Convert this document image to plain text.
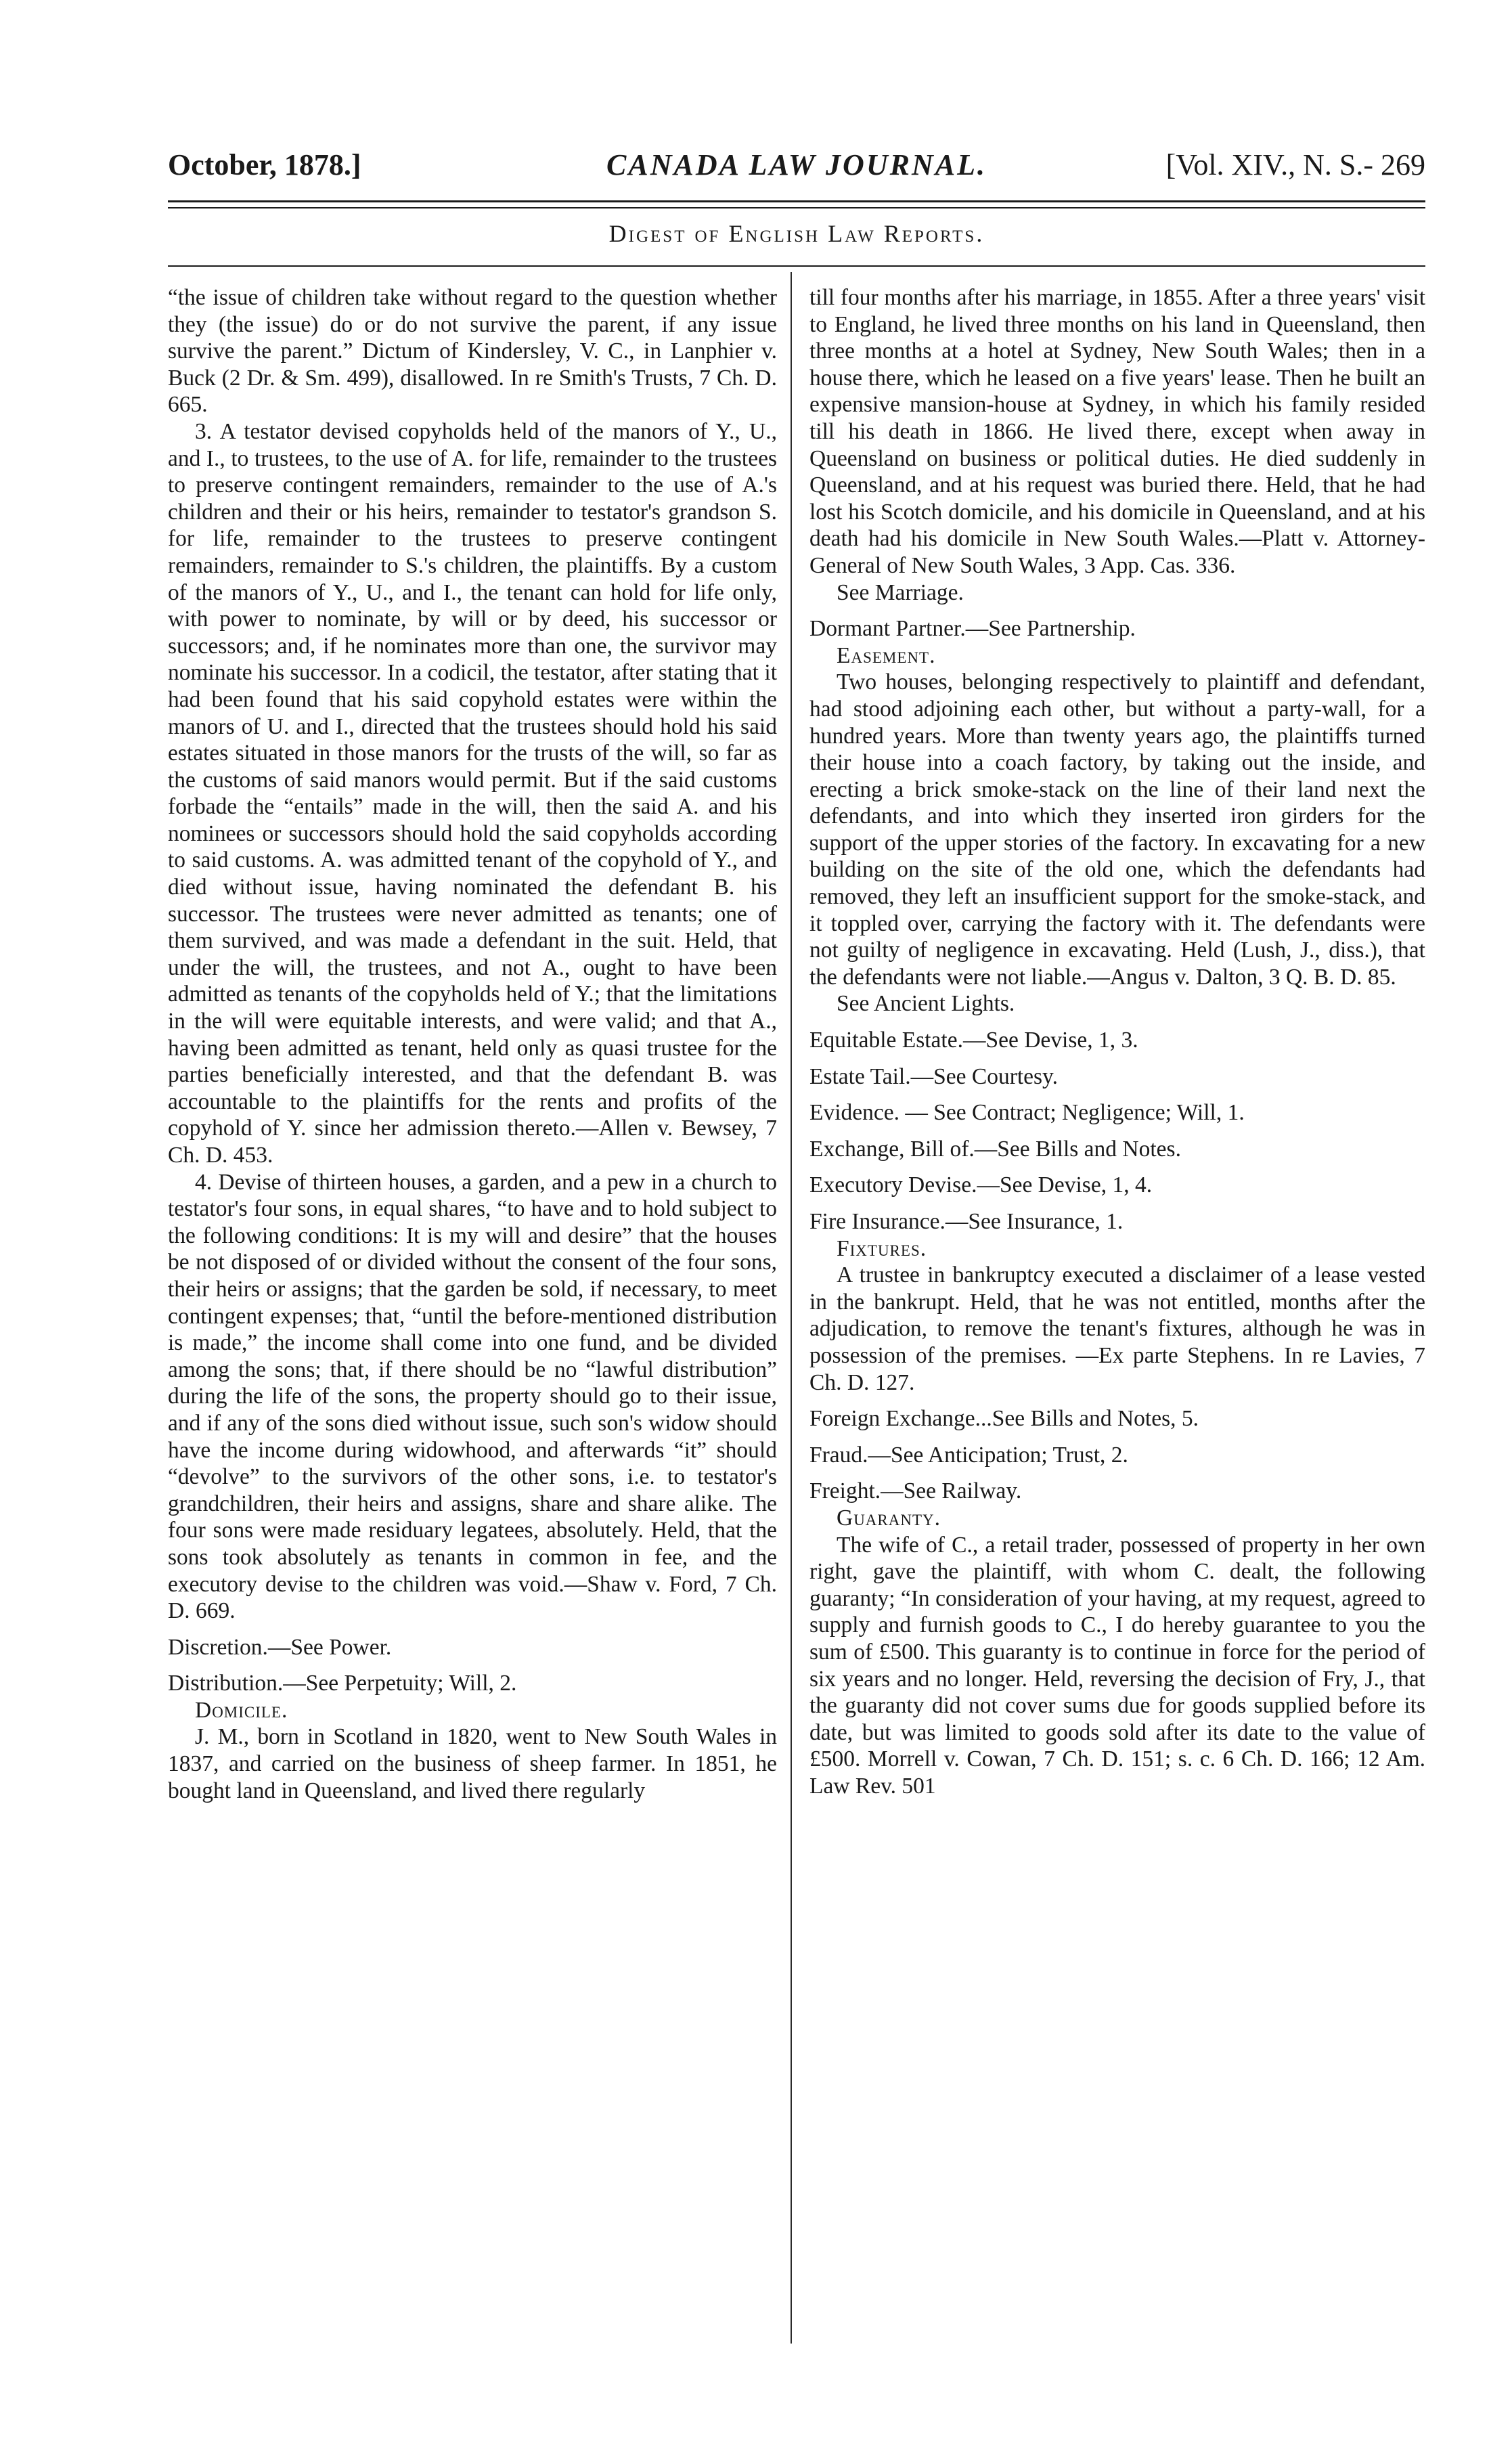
October, 1878.]	CANADA LAW JOURNAL.	[Vol. XIV., N. S.- 269
Digest of English Law Reports.

“the issue of children take without regard to the question whether they (the issue) do or do not survive the parent, if any issue survive the parent.” Dictum of Kindersley, V. C., in Lanphier v. Buck (2 Dr. & Sm. 499), disallowed. In re Smith's Trusts, 7 Ch. D. 665.

3. A testator devised copyholds held of the manors of Y., U., and I., to trustees, to the use of A. for life, remainder to the trustees to preserve contingent remainders, remainder to the use of A.'s children and their or his heirs, remainder to testator's grandson S. for life, remainder to the trustees to preserve contingent remainders, remainder to S.'s children, the plaintiffs. By a custom of the manors of Y., U., and I., the tenant can hold for life only, with power to nominate, by will or by deed, his successor or successors; and, if he nominates more than one, the survivor may nominate his successor. In a codicil, the testator, after stating that it had been found that his said copyhold estates were within the manors of U. and I., directed that the trustees should hold his said estates situated in those manors for the trusts of the will, so far as the customs of said manors would permit. But if the said customs forbade the “entails” made in the will, then the said A. and his nominees or successors should hold the said copyholds according to said customs. A. was admitted tenant of the copyhold of Y., and died without issue, having nominated the defendant B. his successor. The trustees were never admitted as tenants; one of them survived, and was made a defendant in the suit. Held, that under the will, the trustees, and not A., ought to have been admitted as tenants of the copyholds held of Y.; that the limitations in the will were equitable interests, and were valid; and that A., having been admitted as tenant, held only as quasi trustee for the parties beneficially interested, and that the defendant B. was accountable to the plaintiffs for the rents and profits of the copyhold of Y. since her admission thereto.—Allen v. Bewsey, 7 Ch. D. 453.

4. Devise of thirteen houses, a garden, and a pew in a church to testator's four sons, in equal shares, “to have and to hold subject to the following conditions: It is my will and desire” that the houses be not disposed of or divided without the consent of the four sons, their heirs or assigns; that the garden be sold, if necessary, to meet contingent expenses; that, “until the before-mentioned distribution is made,” the income shall come into one fund, and be divided among the sons; that, if there should be no “lawful distribution” during the life of the sons, the property should go to their issue, and if any of the sons died without issue, such son's widow should have the income during widowhood, and afterwards “it” should “devolve” to the survivors of the other sons, i.e. to testator's grandchildren, their heirs and assigns, share and share alike. The four sons were made residuary legatees, absolutely. Held, that the sons took absolutely as tenants in common in fee, and the executory devise to the children was void.—Shaw v. Ford, 7 Ch. D. 669.

Discretion.—See Power.

Distribution.—See Perpetuity; Will, 2.

Domicile.

J. M., born in Scotland in 1820, went to New South Wales in 1837, and carried on the business of sheep farmer. In 1851, he bought land in Queensland, and lived there regularly

till four months after his marriage, in 1855. After a three years' visit to England, he lived three months on his land in Queensland, then three months at a hotel at Sydney, New South Wales; then in a house there, which he leased on a five years' lease. Then he built an expensive mansion-house at Sydney, in which his family resided till his death in 1866. He lived there, except when away in Queensland on business or political duties. He died suddenly in Queensland, and at his request was buried there. Held, that he had lost his Scotch domicile, and his domicile in Queensland, and at his death had his domicile in New South Wales.—Platt v. Attorney-General of New South Wales, 3 App. Cas. 336.

See Marriage.

Dormant Partner.—See Partnership.

Easement.

Two houses, belonging respectively to plaintiff and defendant, had stood adjoining each other, but without a party-wall, for a hundred years. More than twenty years ago, the plaintiffs turned their house into a coach factory, by taking out the inside, and erecting a brick smoke-stack on the line of their land next the defendants, and into which they inserted iron girders for the support of the upper stories of the factory. In excavating for a new building on the site of the old one, which the defendants had removed, they left an insufficient support for the smoke-stack, and it toppled over, carrying the factory with it. The defendants were not guilty of negligence in excavating. Held (Lush, J., diss.), that the defendants were not liable.—Angus v. Dalton, 3 Q. B. D. 85.

See Ancient Lights.

Equitable Estate.—See Devise, 1, 3.

Estate Tail.—See Courtesy.

Evidence. — See Contract; Negligence; Will, 1.

Exchange, Bill of.—See Bills and Notes.

Executory Devise.—See Devise, 1, 4.

Fire Insurance.—See Insurance, 1.

Fixtures.

A trustee in bankruptcy executed a disclaimer of a lease vested in the bankrupt. Held, that he was not entitled, months after the adjudication, to remove the tenant's fixtures, although he was in possession of the premises. —Ex parte Stephens. In re Lavies, 7 Ch. D. 127.

Foreign Exchange...See Bills and Notes, 5.

Fraud.—See Anticipation; Trust, 2.

Freight.—See Railway.

Guaranty.

The wife of C., a retail trader, possessed of property in her own right, gave the plaintiff, with whom C. dealt, the following guaranty; “In consideration of your having, at my request, agreed to supply and furnish goods to C., I do hereby guarantee to you the sum of £500. This guaranty is to continue in force for the period of six years and no longer. Held, reversing the decision of Fry, J., that the guaranty did not cover sums due for goods supplied before its date, but was limited to goods sold after its date to the value of £500. Morrell v. Cowan, 7 Ch. D. 151; s. c. 6 Ch. D. 166; 12 Am. Law Rev. 501
